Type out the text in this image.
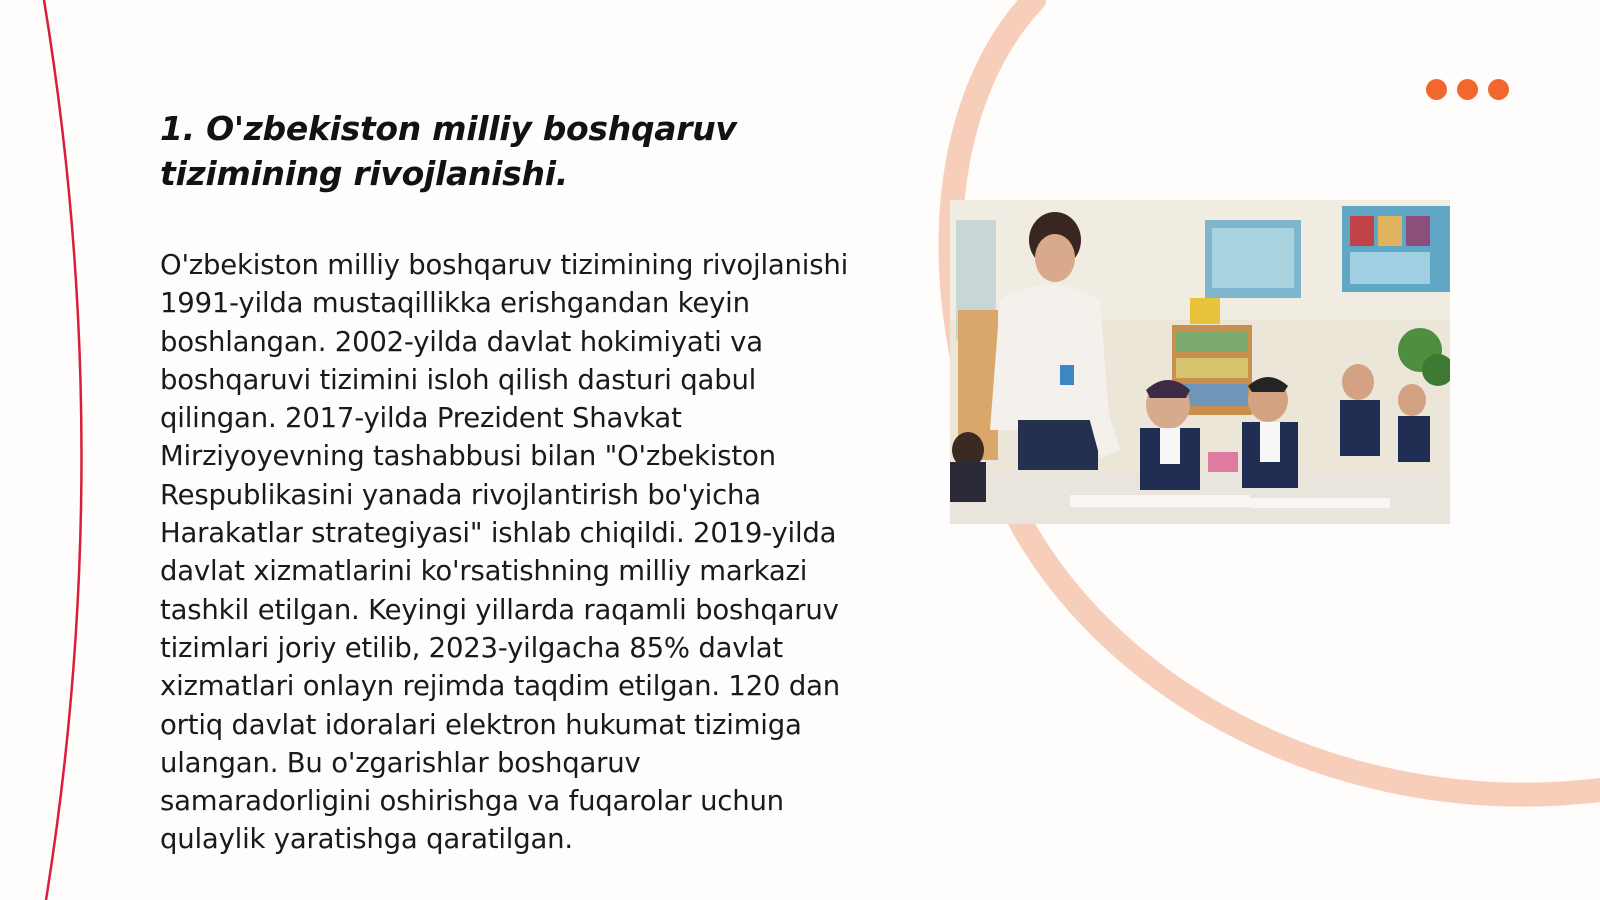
1. O'zbekiston milliy boshqaruv tizimining rivojlanishi.

O'zbekiston milliy boshqaruv tizimining rivojlanishi 1991-yilda mustaqillikka erishgandan keyin boshlangan. 2002-yilda davlat hokimiyati va boshqaruvi tizimini isloh qilish dasturi qabul qilingan. 2017-yilda Prezident Shavkat Mirziyoyevning tashabbusi bilan "O'zbekiston Respublikasini yanada rivojlantirish bo'yicha Harakatlar strategiyasi" ishlab chiqildi. 2019-yilda davlat xizmatlarini ko'rsatishning milliy markazi tashkil etilgan. Keyingi yillarda raqamli boshqaruv tizimlari joriy etilib, 2023-yilgacha 85% davlat xizmatlari onlayn rejimda taqdim etilgan. 120 dan ortiq davlat idoralari elektron hukumat tizimiga ulangan. Bu o'zgarishlar boshqaruv samaradorligini oshirishga va fuqarolar uchun qulaylik yaratishga qaratilgan.
